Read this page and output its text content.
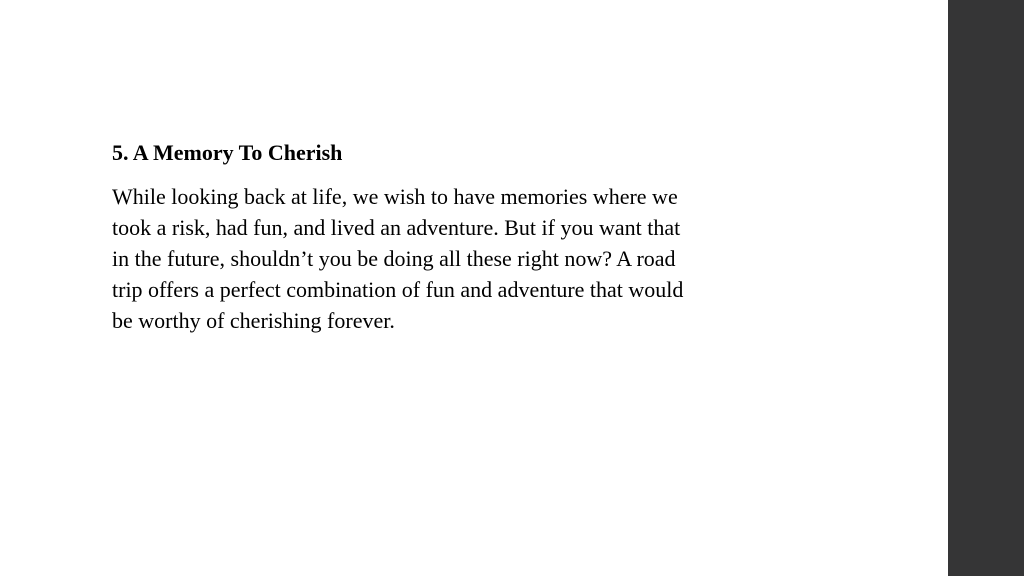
5. A Memory To Cherish

While looking back at life, we wish to have memories where we
took a risk, had fun, and lived an adventure. But if you want that
in the future, shouldn’t you be doing all these right now? A road
trip offers a perfect combination of fun and adventure that would
be worthy of cherishing forever.
